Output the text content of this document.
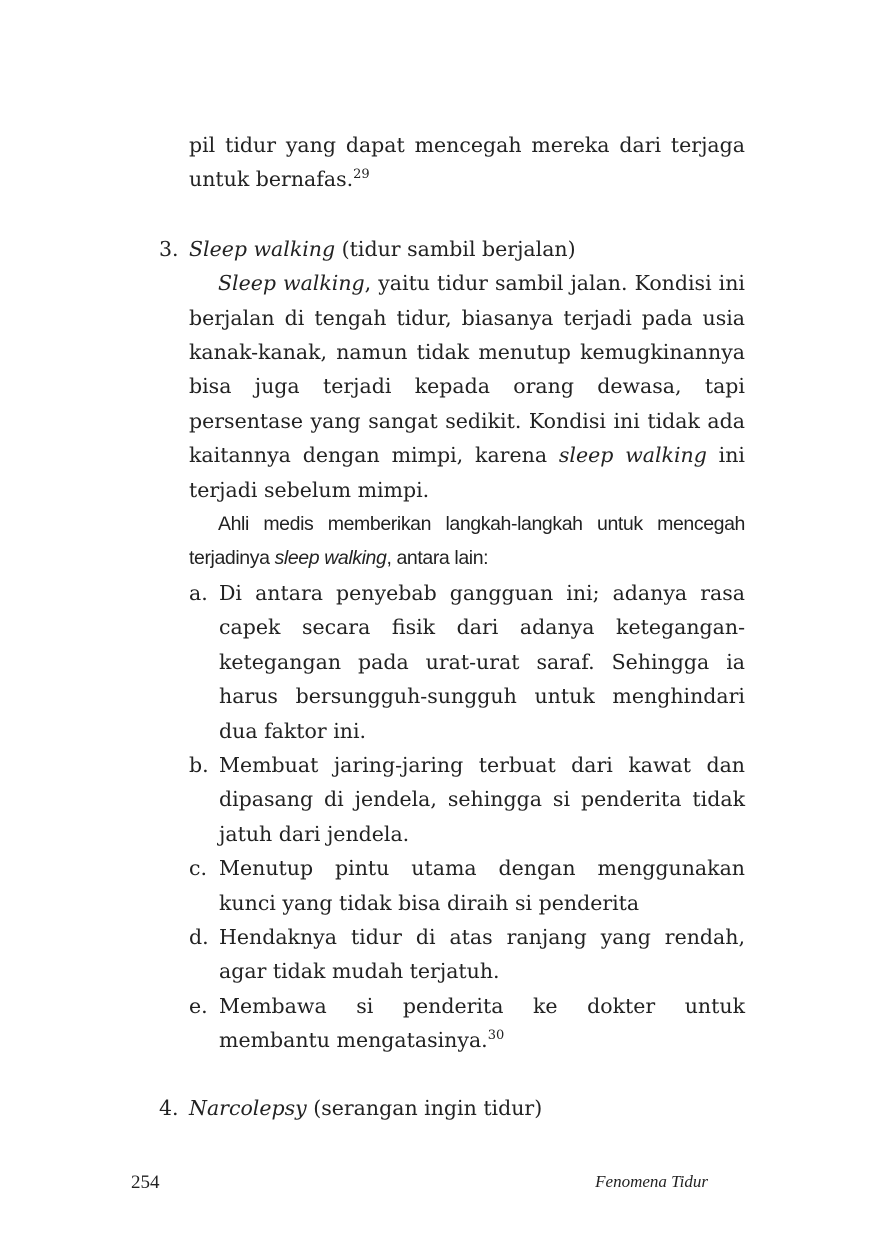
pil tidur yang dapat mencegah mereka dari terjaga untuk bernafas.$^{29}$

3. Sleep walking (tidur sambil berjalan)

Sleep walking, yaitu tidur sambil jalan. Kondisi ini berjalan di tengah tidur, biasanya terjadi pada usia kanak-kanak, namun tidak menutup kemugkinannya bisa juga terjadi kepada orang dewasa, tapi persentase yang sangat sedikit. Kondisi ini tidak ada kaitannya dengan mimpi, karena sleep walking ini terjadi sebelum mimpi.

Ahli medis memberikan langkah-langkah untuk mencegah terjadinya sleep walking, antara lain:

a. Di antara penyebab gangguan ini; adanya rasa capek secara fisik dari adanya ketegangan-ketegangan pada urat-urat saraf. Sehingga ia harus bersungguh-sungguh untuk menghindari dua faktor ini.
b. Membuat jaring-jaring terbuat dari kawat dan dipasang di jendela, sehingga si penderita tidak jatuh dari jendela.
c. Menutup pintu utama dengan menggunakan kunci yang tidak bisa diraih si penderita
d. Hendaknya tidur di atas ranjang yang rendah, agar tidak mudah terjatuh.
e. Membawa si penderita ke dokter untuk membantu mengatasinya.$^{30}$

4. Narcolepsy (serangan ingin tidur)

254	Fenomena Tidur
